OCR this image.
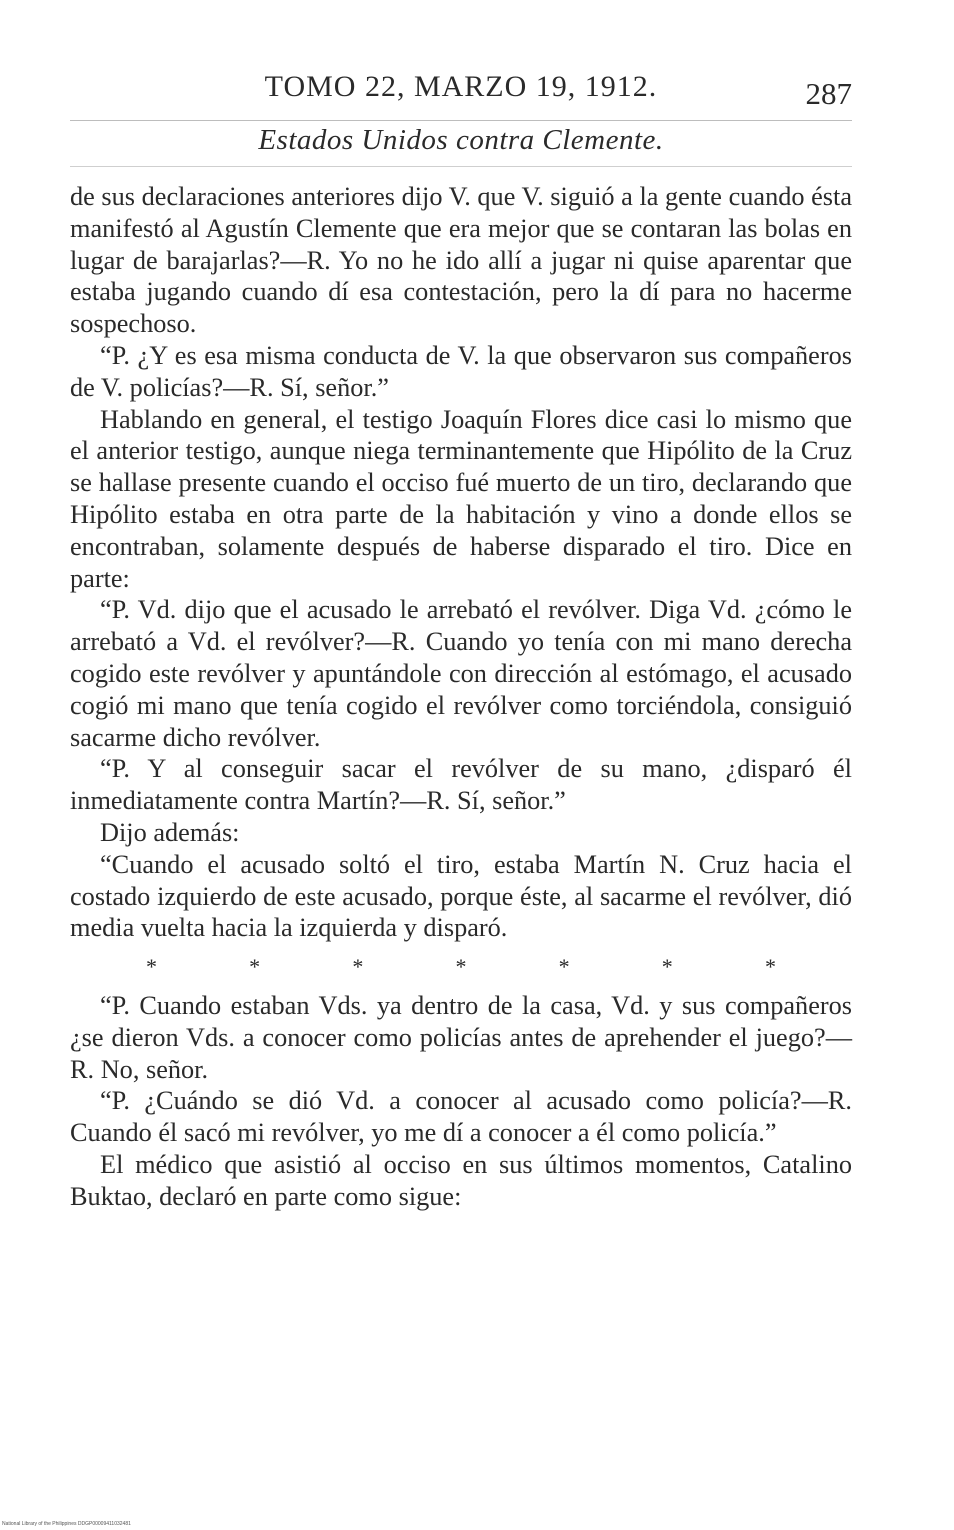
TOMO 22, MARZO 19, 1912.	287
Estados Unidos contra Clemente.

de sus declaraciones anteriores dijo V. que V. siguió a la gente cuando ésta manifestó al Agustín Clemente que era mejor que se contaran las bolas en lugar de barajarlas?—R. Yo no he ido allí a jugar ni quise aparentar que estaba jugando cuando dí esa contestación, pero la dí para no hacerme sospechoso.

“P. ¿Y es esa misma conducta de V. la que observaron sus compañeros de V. policías?—R. Sí, señor.”

Hablando en general, el testigo Joaquín Flores dice casi lo mismo que el anterior testigo, aunque niega terminantemente que Hipólito de la Cruz se hallase presente cuando el occiso fué muerto de un tiro, declarando que Hipólito estaba en otra parte de la habitación y vino a donde ellos se encontraban, solamente después de haberse disparado el tiro. Dice en parte:

“P. Vd. dijo que el acusado le arrebató el revólver. Diga Vd. ¿cómo le arrebató a Vd. el revólver?—R. Cuando yo tenía con mi mano derecha cogido este revólver y apuntándole con dirección al estómago, el acusado cogió mi mano que tenía cogido el revólver como torciéndola, consiguió sacarme dicho revólver.

“P. Y al conseguir sacar el revólver de su mano, ¿disparó él inmediatamente contra Martín?—R. Sí, señor.”

Dijo además:

“Cuando el acusado soltó el tiro, estaba Martín N. Cruz hacia el costado izquierdo de este acusado, porque éste, al sacarme el revólver, dió media vuelta hacia la izquierda y disparó.

*	*	*	*	*	*	*

“P. Cuando estaban Vds. ya dentro de la casa, Vd. y sus compañeros ¿se dieron Vds. a conocer como policías antes de aprehender el juego?—R. No, señor.

“P. ¿Cuándo se dió Vd. a conocer al acusado como policía?—R. Cuando él sacó mi revólver, yo me dí a conocer a él como policía.”

El médico que asistió al occiso en sus últimos momentos, Catalino Buktao, declaró en parte como sigue:

National Library of the Philippines DDGP00009411032481
